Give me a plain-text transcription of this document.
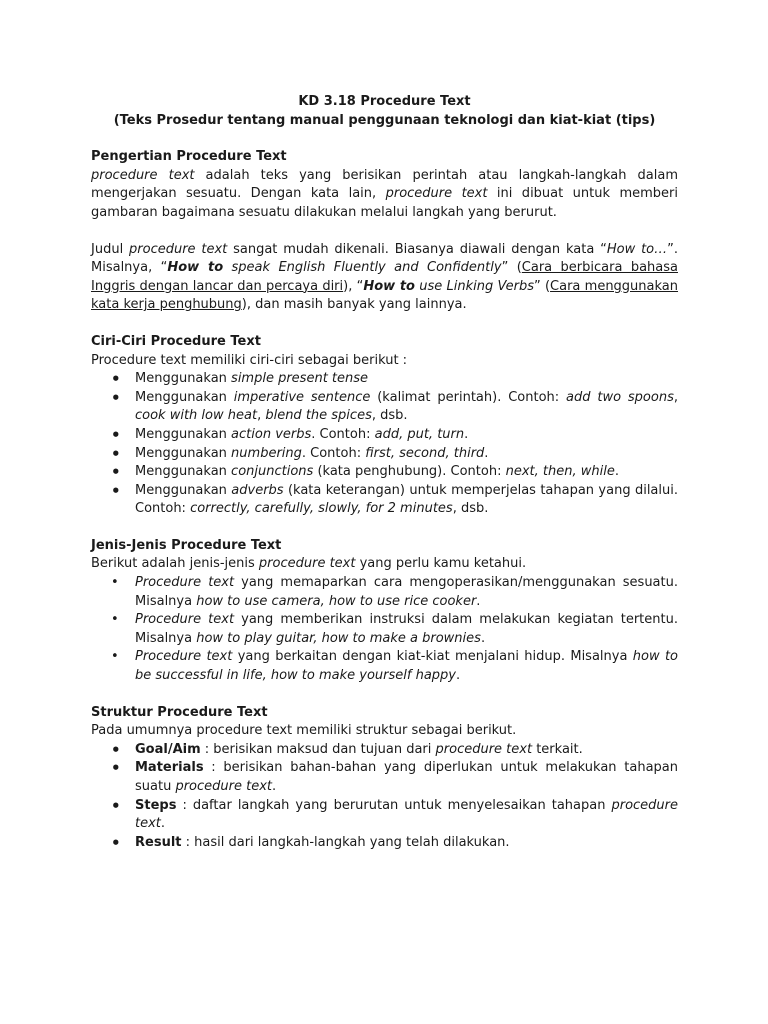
KD 3.18 Procedure Text

(Teks Prosedur tentang manual penggunaan teknologi dan kiat-kiat (tips)

Pengertian Procedure Text

procedure text adalah teks yang berisikan perintah atau langkah-langkah dalam mengerjakan sesuatu. Dengan kata lain, procedure text ini dibuat untuk memberi gambaran bagaimana sesuatu dilakukan melalui langkah yang berurut.

Judul procedure text sangat mudah dikenali. Biasanya diawali dengan kata “How to…”. Misalnya, “How to speak English Fluently and Confidently” (Cara berbicara bahasa Inggris dengan lancar dan percaya diri), “How to use Linking Verbs” (Cara menggunakan kata kerja penghubung), dan masih banyak yang lainnya.

Ciri-Ciri Procedure Text

Procedure text memiliki ciri-ciri sebagai berikut :

• Menggunakan simple present tense
• Menggunakan imperative sentence (kalimat perintah). Contoh: add two spoons, cook with low heat, blend the spices, dsb.
• Menggunakan action verbs. Contoh: add, put, turn.
• Menggunakan numbering. Contoh: first, second, third.
• Menggunakan conjunctions (kata penghubung). Contoh: next, then, while.
• Menggunakan adverbs (kata keterangan) untuk memperjelas tahapan yang dilalui. Contoh: correctly, carefully, slowly, for 2 minutes, dsb.

Jenis-Jenis Procedure Text

Berikut adalah jenis-jenis procedure text yang perlu kamu ketahui.

• Procedure text yang memaparkan cara mengoperasikan/menggunakan sesuatu. Misalnya how to use camera, how to use rice cooker.
• Procedure text yang memberikan instruksi dalam melakukan kegiatan tertentu. Misalnya how to play guitar, how to make a brownies.
• Procedure text yang berkaitan dengan kiat-kiat menjalani hidup. Misalnya how to be successful in life, how to make yourself happy.

Struktur Procedure Text

Pada umumnya procedure text memiliki struktur sebagai berikut.

• Goal/Aim : berisikan maksud dan tujuan dari procedure text terkait.
• Materials : berisikan bahan-bahan yang diperlukan untuk melakukan tahapan suatu procedure text.
• Steps : daftar langkah yang berurutan untuk menyelesaikan tahapan procedure text.
• Result : hasil dari langkah-langkah yang telah dilakukan.
